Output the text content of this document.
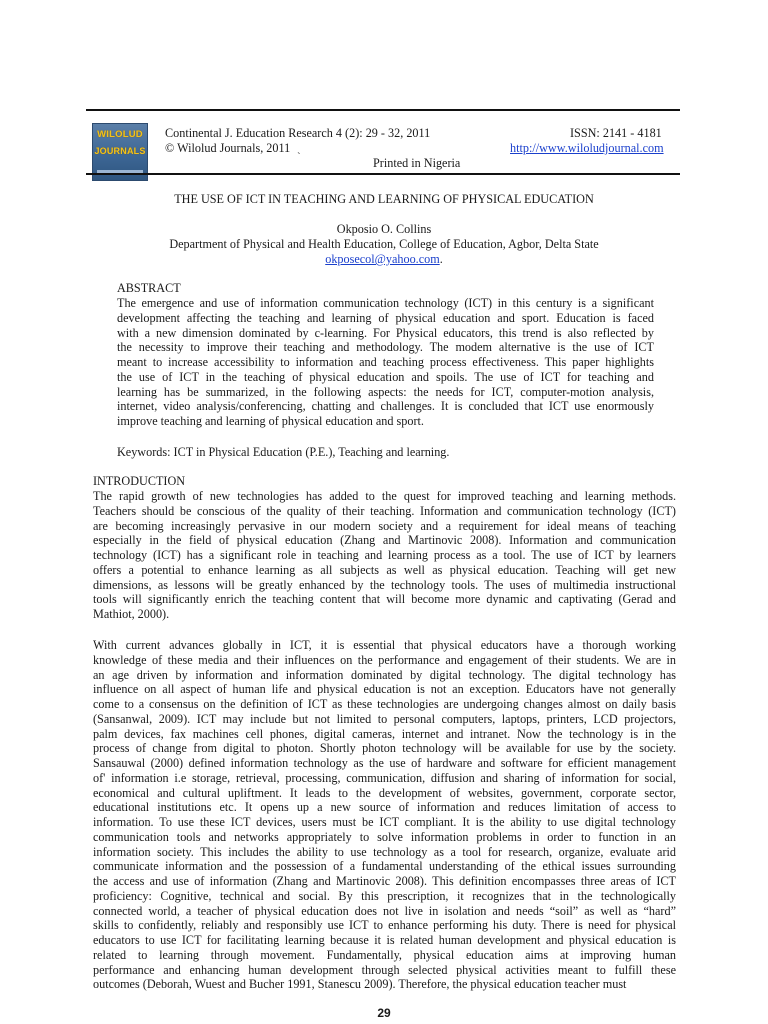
WILOLUD
JOURNALS
Continental J. Education Research 4 (2): 29 - 32, 2011
© Wilolud Journals, 2011
`	Printed in Nigeria
ISSN: 2141 - 4181
http://www.wiloludjournal.com
THE USE OF ICT IN TEACHING AND LEARNING OF PHYSICAL EDUCATION
Okposio O. Collins
Department of Physical and Health Education, College of Education, Agbor, Delta State
okposecol@yahoo.com.
ABSTRACT
The emergence and use of information communication technology (ICT) in this century is a significant
development affecting the teaching and learning of physical education and sport. Education is faced
with a new dimension dominated by c-learning. For Physical educators, this trend is also reflected by
the necessity to improve their teaching and methodology. The modem alternative is the use of ICT
meant to increase accessibility to information and teaching process effectiveness. This paper highlights
the use of ICT in the teaching of physical education and spoils. The use of ICT for teaching and
learning has be summarized, in the following aspects: the needs for ICT, computer-motion analysis,
internet, video analysis/conferencing, chatting and challenges. It is concluded that ICT use enormously
improve teaching and learning of physical education and sport.
Keywords: ICT in Physical Education (P.E.), Teaching and learning.
INTRODUCTION
The rapid growth of new technologies has added to the quest for improved teaching and learning methods.
Teachers should be conscious of the quality of their teaching. Information and communication technology (ICT)
are becoming increasingly pervasive in our modern society and a requirement for ideal means of teaching
especially in the field of physical education (Zhang and Martinovic 2008). Information and communication
technology (ICT) has a significant role in teaching and learning process as a tool. The use of ICT by learners
offers a potential to enhance learning as all subjects as well as physical education. Teaching will get new
dimensions, as lessons will be greatly enhanced by the technology tools. The uses of multimedia instructional
tools will significantly enrich the teaching content that will become more dynamic and captivating (Gerad and
Mathiot, 2000).
With current advances globally in ICT, it is essential that physical educators have a thorough working
knowledge of these media and their influences on the performance and engagement of their students. We are in
an age driven by information and information dominated by digital technology. The digital technology has
influence on all aspect of human life and physical education is not an exception. Educators have not generally
come to a consensus on the definition of ICT as these technologies are undergoing changes almost on daily basis
(Sansanwal, 2009). ICT may include but not limited to personal computers, laptops, printers, LCD projectors,
palm devices, fax machines cell phones, digital cameras, internet and intranet. Now the technology is in the
process of change from digital to photon. Shortly photon technology will be available for use by the society.
Sansauwal (2000) defined information technology as the use of hardware and software for efficient management
of' information i.e storage, retrieval, processing, communication, diffusion and sharing of information for social,
economical and cultural upliftment. It leads to the development of websites, government, corporate sector,
educational institutions etc. It opens up a new source of information and reduces limitation of access to
information. To use these ICT devices, users must be ICT compliant. It is the ability to use digital technology
communication tools and networks appropriately to solve information problems in order to function in an
information society. This includes the ability to use technology as a tool for research, organize, evaluate arid
communicate information and the possession of a fundamental understanding of the ethical issues surrounding
the access and use of information (Zhang and Martinovic 2008). This definition encompasses three areas of ICT
proficiency: Cognitive, technical and social. By this prescription, it recognizes that in the technologically
connected world, a teacher of physical education does not live in isolation and needs “soil” as well as “hard”
skills to confidently, reliably and responsibly use ICT to enhance performing his duty. There is need for physical
educators to use ICT for facilitating learning because it is related human development and physical education is
related to learning through movement. Fundamentally, physical education aims at improving human
performance and enhancing human development through selected physical activities meant to fulfill these
outcomes (Deborah, Wuest and Bucher 1991, Stanescu 2009). Therefore, the physical education teacher must
29
